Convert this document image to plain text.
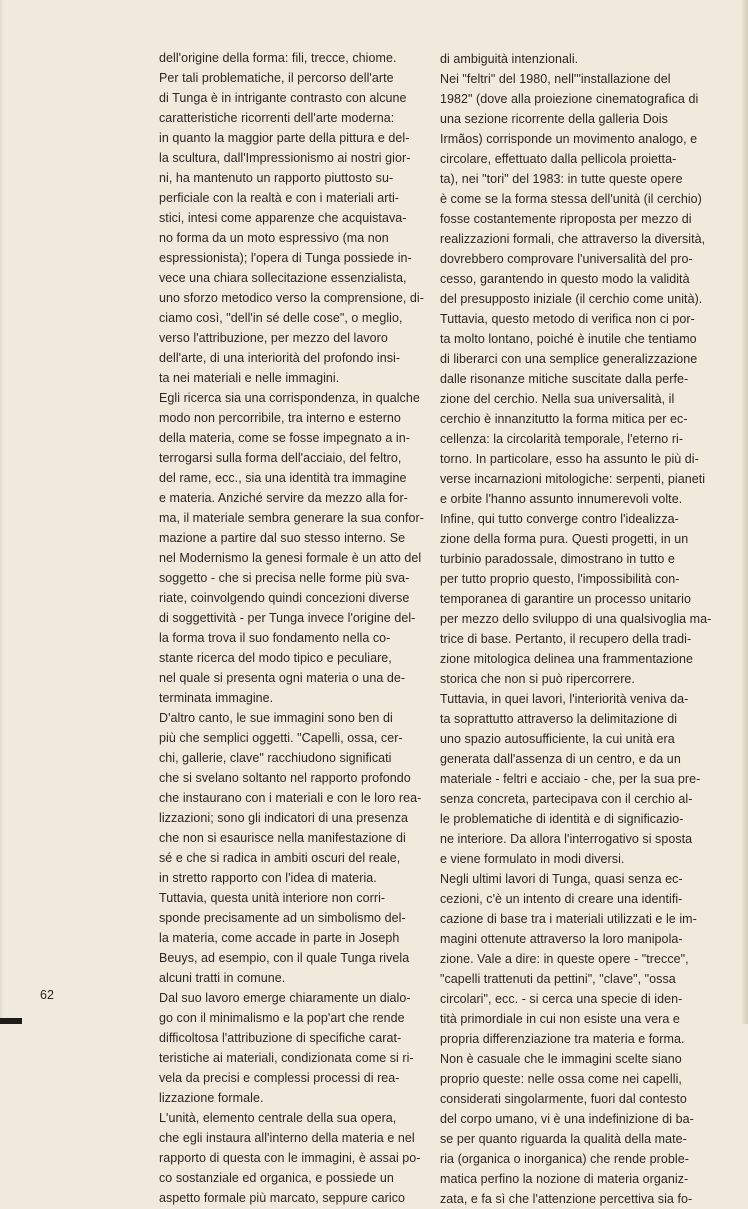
dell'origine della forma: fili, trecce, chiome.
Per tali problematiche, il percorso dell'arte
di Tunga è in intrigante contrasto con alcune
caratteristiche ricorrenti dell'arte moderna:
in quanto la maggior parte della pittura e del-
la scultura, dall'Impressionismo ai nostri gior-
ni, ha mantenuto un rapporto piuttosto su-
perficiale con la realtà e con i materiali arti-
stici, intesi come apparenze che acquistava-
no forma da un moto espressivo (ma non
espressionista); l'opera di Tunga possiede in-
vece una chiara sollecitazione essenzialista,
uno sforzo metodico verso la comprensione, di-
ciamo così, "dell'in sé delle cose", o meglio,
verso l'attribuzione, per mezzo del lavoro
dell'arte, di una interiorità del profondo insi-
ta nei materiali e nelle immagini.
Egli ricerca sia una corrispondenza, in qualche
modo non percorribile, tra interno e esterno
della materia, come se fosse impegnato a in-
terrogarsi sulla forma dell'acciaio, del feltro,
del rame, ecc., sia una identità tra immagine
e materia. Anziché servire da mezzo alla for-
ma, il materiale sembra generare la sua confor-
mazione a partire dal suo stesso interno. Se
nel Modernismo la genesi formale è un atto del
soggetto - che si precisa nelle forme più sva-
riate, coinvolgendo quindi concezioni diverse
di soggettività - per Tunga invece l'origine del-
la forma trova il suo fondamento nella co-
stante ricerca del modo tipico e peculiare,
nel quale si presenta ogni materia o una de-
terminata immagine.
D'altro canto, le sue immagini sono ben di
più che semplici oggetti. "Capelli, ossa, cer-
chi, gallerie, clave" racchiudono significati
che si svelano soltanto nel rapporto profondo
che instaurano con i materiali e con le loro rea-
lizzazioni; sono gli indicatori di una presenza
che non si esaurisce nella manifestazione di
sé e che si radica in ambiti oscuri del reale,
in stretto rapporto con l'idea di materia.
Tuttavia, questa unità interiore non corri-
sponde precisamente ad un simbolismo del-
la materia, come accade in parte in Joseph
Beuys, ad esempio, con il quale Tunga rivela
alcuni tratti in comune.
Dal suo lavoro emerge chiaramente un dialo-
go con il minimalismo e la pop'art che rende
difficoltosa l'attribuzione di specifiche carat-
teristiche ai materiali, condizionata come si ri-
vela da precisi e complessi processi di rea-
lizzazione formale.
L'unità, elemento centrale della sua opera,
che egli instaura all'interno della materia e nel
rapporto di questa con le immagini, è assai po-
co sostanziale ed organica, e possiede un
aspetto formale più marcato, seppure carico
di ambiguità intenzionali.
Nei "feltri" del 1980, nell'"installazione del
1982" (dove alla proiezione cinematografica di
una sezione ricorrente della galleria Dois
Irmãos) corrisponde un movimento analogo, e
circolare, effettuato dalla pellicola proietta-
ta), nei "tori" del 1983: in tutte queste opere
è come se la forma stessa dell'unità (il cerchio)
fosse costantemente riproposta per mezzo di
realizzazioni formali, che attraverso la diversità,
dovrebbero comprovare l'universalità del pro-
cesso, garantendo in questo modo la validità
del presupposto iniziale (il cerchio come unità).
Tuttavia, questo metodo di verifica non ci por-
ta molto lontano, poiché è inutile che tentiamo
di liberarci con una semplice generalizzazione
dalle risonanze mitiche suscitate dalla perfe-
zione del cerchio. Nella sua universalità, il
cerchio è innanzitutto la forma mitica per ec-
cellenza: la circolarità temporale, l'eterno ri-
torno. In particolare, esso ha assunto le più di-
verse incarnazioni mitologiche: serpenti, pianeti
e orbite l'hanno assunto innumerevoli volte.
Infine, qui tutto converge contro l'idealizza-
zione della forma pura. Questi progetti, in un
turbinio paradossale, dimostrano in tutto e
per tutto proprio questo, l'impossibilità con-
temporanea di garantire un processo unitario
per mezzo dello sviluppo di una qualsivoglia ma-
trice di base. Pertanto, il recupero della tradi-
zione mitologica delinea una frammentazione
storica che non si può ripercorrere.
Tuttavia, in quei lavori, l'interiorità veniva da-
ta soprattutto attraverso la delimitazione di
uno spazio autosufficiente, la cui unità era
generata dall'assenza di un centro, e da un
materiale - feltri e acciaio - che, per la sua pre-
senza concreta, partecipava con il cerchio al-
le problematiche di identità e di significazio-
ne interiore. Da allora l'interrogativo si sposta
e viene formulato in modi diversi.
Negli ultimi lavori di Tunga, quasi senza ec-
cezioni, c'è un intento di creare una identifi-
cazione di base tra i materiali utilizzati e le im-
magini ottenute attraverso la loro manipola-
zione. Vale a dire: in queste opere - "trecce",
"capelli trattenuti da pettini", "clave", "ossa
circolari", ecc. - si cerca una specie di iden-
tità primordiale in cui non esiste una vera e
propria differenziazione tra materia e forma.
Non è casuale che le immagini scelte siano
proprio queste: nelle ossa come nei capelli,
considerati singolarmente, fuori dal contesto
del corpo umano, vi è una indefinizione di ba-
se per quanto riguarda la qualità della mate-
ria (organica o inorganica) che rende proble-
matica perfino la nozione di materia organiz-
zata, e fa sì che l'attenzione percettiva sia fo-
62
